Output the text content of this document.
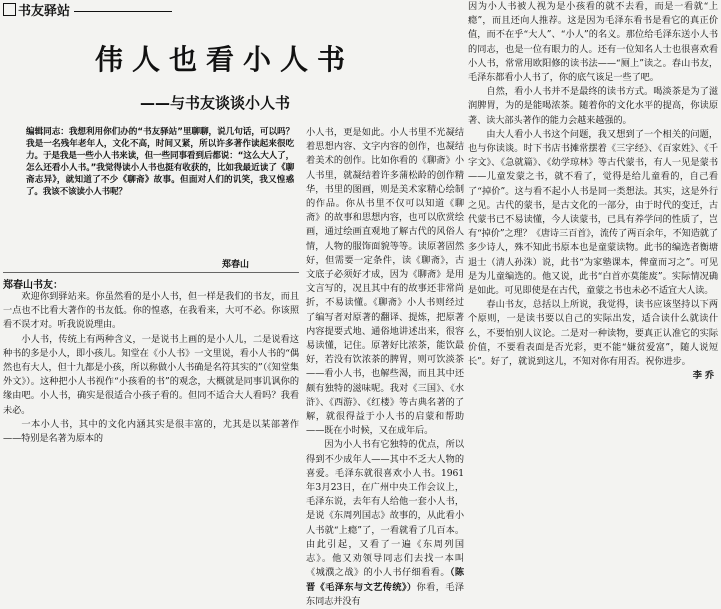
书友驿站
伟人也看小人书
——与书友谈谈小人书
编辑同志：我想利用你们办的“书友驿站”里聊聊，说几句话，可以吗？我是一名残年老年人，文化不高，时间又紧，所以许多著作读起来很吃力。于是我是一些小人书来读，但一些同事看到后都说：“这么大人了，怎么还看小人书。”我觉得读小人书也挺有收获的，比如我最近读了《聊斋志异》，就知道了不少《聊斋》故事。但面对人们的讥笑，我又惶惑了。我该不该读小人书呢？
郑春山
郑春山书友：

欢迎你到驿站来。你虽然看的是小人书，但一样是我们的书友，而且一点也不比看大著作的书友低。你的惶惑，在我看来，大可不必。你该照看不误才对。听我说说理由。

小人书，传统上有两种含义，一是说书上画的是小人儿，二是说看这种书的多是小人，即小孩儿。知堂在《小人书》一文里说，看小人书的“偶然也有大人，但十九都是小孩，所以称做小人书确是名符其实的”（《知堂集外文》）。这种把小人书视作“小孩看的书”的观念，大概就是同事讥讽你的缘由吧。小人书，确实是很适合小孩子看的。但同不适合大人看吗？我看未必。

一本小人书，其中的文化内涵其实是很丰富的，尤其是以某部著作——特别是名著为原本的

小人书，更是如此。小人书里不光凝结着思想内容、文字内容的创作，也凝结着美术的创作。比如你看的《聊斋》小人书里，就凝结着许多蒲松龄的创作精华，书里的图画，则是美术家精心绘制的作品。你从书里不仅可以知道《聊斋》的故事和思想内容，也可以欣赏绘画，通过绘画直观地了解古代的风俗人情，人物的服饰面貌等等。读原著固然好，但需要一定条件，读《聊斋》，古文底子必须好才成，因为《聊斋》是用文言写的，况且其中有的故事还非常尚折，不易读懂。《聊斋》小人书则经过了编写者对原著的翻译、提炼，把原著内容提要式地、通俗地讲述出来，很容易读懂，记住。原著好比浓茶，能饮最好，若没有饮浓茶的脾胃，则可饮淡茶——看小人书，也解些渴，而且其中还颇有独特的滋味呢。我对《三国》、《水浒》、《西游》、《红楼》等古典名著的了解，就很得益于小人书的启蒙和帮助——既在小时候，又在成年后。

因为小人书有它独特的优点，所以得到不少成年人——其中不乏大人物的喜爱。毛泽东就很喜欢小人书。1961年3月23日，在广州中央工作会议上，毛泽东说，去年有人给他一套小人书，是说《东周列国志》故事的，从此看小人书就“上瘾”了，一看就看了几百本。由此引起，又看了一遍《东周列国志》。他又劝领导同志们去找一本叫《城濮之战》的小人书仔细看看。（陈晋《毛泽东与文艺传统》）你看，毛泽东同志并没有

因为小人书被人视为是小孩看的就不去看，而是一看就“上瘾”，而且还向人推荐。这是因为毛泽东看书是看它的真正价值，而不在乎“大人”、“小人”的名义。那位给毛泽东送小人书的同志，也是一位有眼力的人。还有一位知名人士也很喜欢看小人书，常常用欧阳修的读书法——“厕上”读之。春山书友，毛泽东都看小人书了，你的底气该足一些了吧。

自然，看小人书并不是最终的读书方式。喝淡茶是为了滋润脾胃，为的是能喝浓茶。随着你的文化水平的提高，你读原著、读大部头著作的能力会越来越强的。

由大人看小人书这个问题，我又想到了一个相关的问题，也与你读谈。时下书店书摊常摆着《三字经》、《百家姓》、《千字文》、《急就篇》、《幼学琼林》等古代蒙书，有人一见是蒙书——儿童发蒙之书，就不看了，觉得是给儿童看的，自己看了“掉价”。这与看不起小人书是同一类想法。其实，这是外行之见。古代的蒙书，是古文化的一部分，由于时代的变迁，古代蒙书已不易读懂，今人读蒙书，已具有养学问的性质了，岂有“掉价”之理？《唐诗三百首》，流传了两百余年，不知造就了多少诗人，殊不知此书原本也是童蒙读物。此书的编选者衡塘退士（清人孙洙）说，此书“为家塾课本，俾童而习之”。可见是为儿童编选的。他又说，此书“白首亦莫能废”。实际情况确是如此。可见即使是在古代，童蒙之书也未必不适宜大人读。

春山书友，总括以上所说，我觉得，读书应该坚持以下两个原则，一是读书要以自己的实际出发，适合读什么就读什么，不要怕别人议论。二是对一种读物，要真正认准它的实际价值，不要看表面是否光彩，更不能“嫌贫爱富”，随人说短长”。好了，就说到这儿，不知对你有用否。祝你进步。
李 乔
